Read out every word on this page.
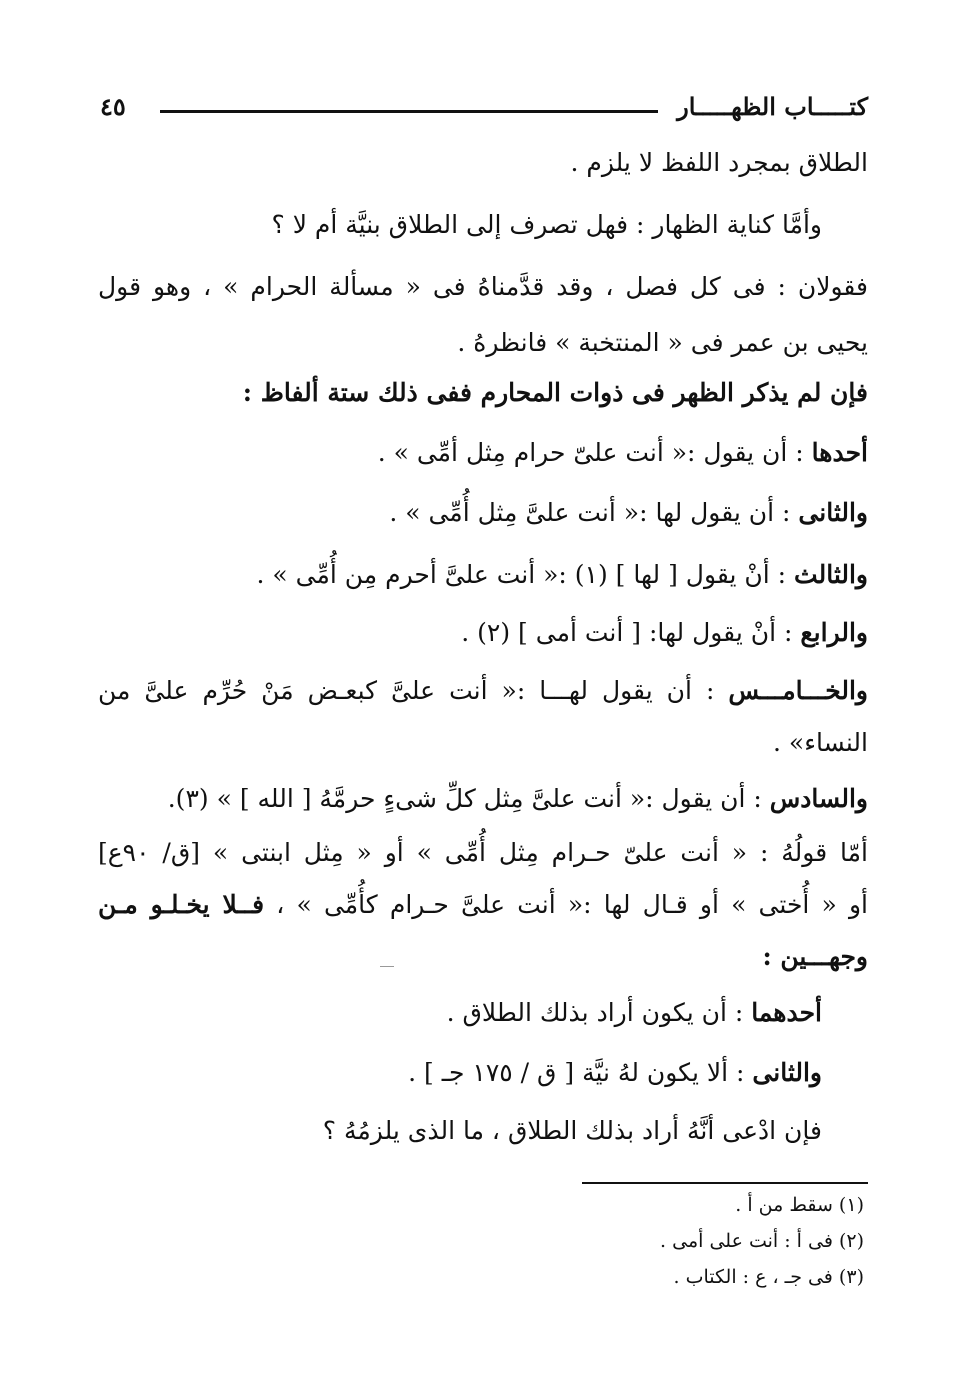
كتـــــاب الظهـــــار
٤٥
الطلاق بمجرد اللفظ لا يلزم .
وأمَّا كناية الظهار : فهل تصرف إلى الطلاق بنيَّة أم لا ؟
فقولان : فى كل فصل ، وقد قدَّمناهُ فى « مسألة الحرام » ، وهو قول
يحيى بن عمر فى « المنتخبة » فانظرهُ .
فإن لم يذكر الظهر فى ذوات المحارم ففى ذلك ستة ألفاظ :
أحدها : أن يقول :« أنت علىّ حرام مِثل أمِّى » .
والثانى : أن يقول لها :« أنت علىَّ مِثل أُمِّى » .
والثالث : أنْ يقول [ لها ] (١) :« أنت علىَّ أحرم مِن أُمِّى » .
والرابع : أنْ يقول لها: [ أنت أمى ] (٢) .
والخـــامـــس : أن يقول لهـــا :« أنت علىَّ كبعـض مَنْ حُرِّم علىَّ من
النساء» .
والسادس : أن يقول :« أنت علىَّ مِثل كلِّ شىءٍ حرمَّهُ [ الله ] » (٣).
أمّا قولُهُ : « أنت علىّ حـرام مِثل أُمِّى » أو « مِثل ابنتى » [ق/ ٩٠ع]
أو « أُختى » أو قـال لها :« أنت علىَّ حـرام كأُمِّى » ، فــلا يخـلـو مـن
وجهـــين :
أحدهما : أن يكون أراد بذلك الطلاق .
والثانى : ألا يكون لهُ نيَّة [ ق / ١٧٥ جـ ] .
فإن ادْعى أنَّهُ أراد بذلك الطلاق ، ما الذى يلزمُهُ ؟
(١) سقط من أ .
(٢) فى أ : أنت على أمى .
(٣) فى جـ ، ع : الكتاب .
